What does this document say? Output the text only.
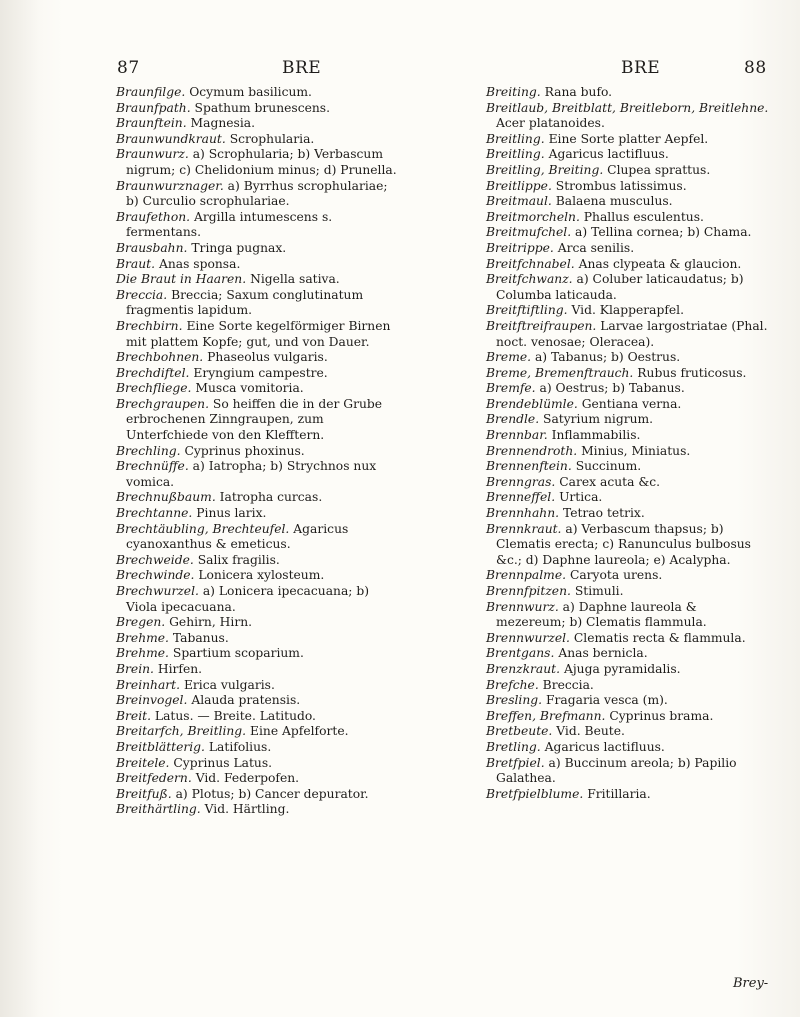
87	BRE	BRE	88

Braunfilge. Ocymum basilicum.

Braunfpath. Spathum brunescens.

Braunftein. Magnesia.

Braunwundkraut. Scrophularia.

Braunwurz. a) Scrophularia; b) Verbascum nigrum; c) Chelidonium minus; d) Prunella.

Braunwurznager. a) Byrrhus scrophulariae; b) Curculio scrophulariae.

Braufethon. Argilla intumescens s. fermentans.

Brausbahn. Tringa pugnax.

Braut. Anas sponsa.

Die Braut in Haaren. Nigella sativa.

Breccia. Breccia; Saxum conglutinatum fragmentis lapidum.

Brechbirn. Eine Sorte kegelförmiger Birnen mit plattem Kopfe; gut, und von Dauer.

Brechbohnen. Phaseolus vulgaris.

Brechdiftel. Eryngium campestre.

Brechfliege. Musca vomitoria.

Brechgraupen. So heiffen die in der Grube erbrochenen Zinngraupen, zum Unterfchiede von den Klefftern.

Brechling. Cyprinus phoxinus.

Brechnüffe. a) Iatropha; b) Strychnos nux vomica.

Brechnußbaum. Iatropha curcas.

Brechtanne. Pinus larix.

Brechtäubling, Brechteufel. Agaricus cyanoxanthus & emeticus.

Brechweide. Salix fragilis.

Brechwinde. Lonicera xylosteum.

Brechwurzel. a) Lonicera ipecacuana; b) Viola ipecacuana.

Bregen. Gehirn, Hirn.

Brehme. Tabanus.

Brehme. Spartium scoparium.

Brein. Hirfen.

Breinhart. Erica vulgaris.

Breinvogel. Alauda pratensis.

Breit. Latus. — Breite. Latitudo.

Breitarfch, Breitling. Eine Apfelforte.

Breitblätterig. Latifolius.

Breitele. Cyprinus Latus.

Breitfedern. Vid. Federpofen.

Breitfuß. a) Plotus; b) Cancer depurator.

Breithärtling. Vid. Härtling.

Breiting. Rana bufo.

Breitlaub, Breitblatt, Breitleborn, Breitlehne. Acer platanoides.

Breitling. Eine Sorte platter Aepfel.

Breitling. Agaricus lactifluus.

Breitling, Breiting. Clupea sprattus.

Breitlippe. Strombus latissimus.

Breitmaul. Balaena musculus.

Breitmorcheln. Phallus esculentus.

Breitmufchel. a) Tellina cornea; b) Chama.

Breitrippe. Arca senilis.

Breitfchnabel. Anas clypeata & glaucion.

Breitfchwanz. a) Coluber laticaudatus; b) Columba laticauda.

Breitftiftling. Vid. Klapperapfel.

Breitftreifraupen. Larvae largostriatae (Phal. noct. venosae; Oleracea).

Breme. a) Tabanus; b) Oestrus.

Breme, Bremenftrauch. Rubus fruticosus.

Bremfe. a) Oestrus; b) Tabanus.

Brendeblümle. Gentiana verna.

Brendle. Satyrium nigrum.

Brennbar. Inflammabilis.

Brennendroth. Minius, Miniatus.

Brennenftein. Succinum.

Brenngras. Carex acuta &c.

Brenneffel. Urtica.

Brennhahn. Tetrao tetrix.

Brennkraut. a) Verbascum thapsus; b) Clematis erecta; c) Ranunculus bulbosus &c.; d) Daphne laureola; e) Acalypha.

Brennpalme. Caryota urens.

Brennfpitzen. Stimuli.

Brennwurz. a) Daphne laureola & mezereum; b) Clematis flammula.

Brennwurzel. Clematis recta & flammula.

Brentgans. Anas bernicla.

Brenzkraut. Ajuga pyramidalis.

Brefche. Breccia.

Bresling. Fragaria vesca (m).

Breffen, Brefmann. Cyprinus brama.

Bretbeute. Vid. Beute.

Bretling. Agaricus lactifluus.

Bretfpiel. a) Buccinum areola; b) Papilio Galathea.

Bretfpielblume. Fritillaria.

Brey-
